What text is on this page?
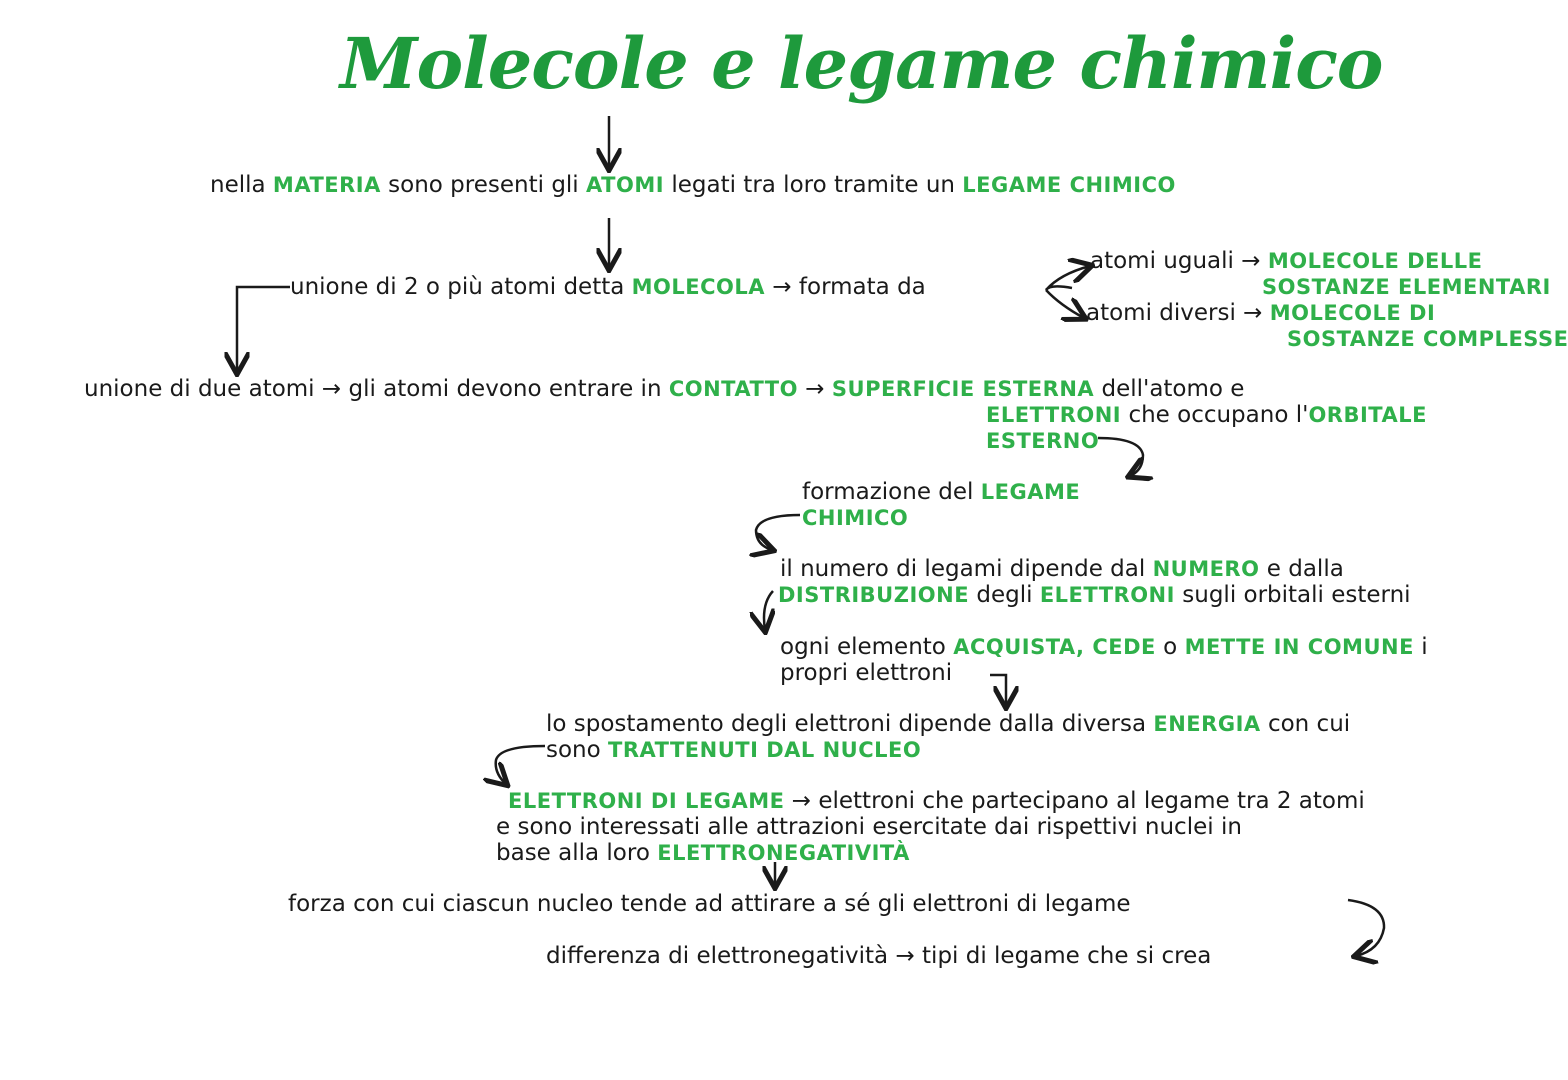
Molecole e legame chimico
nella MATERIA sono presenti gli ATOMI legati tra loro tramite un LEGAME CHIMICO
unione di 2 o più atomi detta MOLECOLA → formata da
atomi uguali → MOLECOLE DELLE
SOSTANZE ELEMENTARI
atomi diversi → MOLECOLE DI
SOSTANZE COMPLESSE
unione di due atomi → gli atomi devono entrare in CONTATTO → SUPERFICIE ESTERNA dell'atomo e
ELETTRONI che occupano l'ORBITALE
ESTERNO
formazione del LEGAME
CHIMICO
il numero di legami dipende dal NUMERO e dalla
DISTRIBUZIONE degli ELETTRONI sugli orbitali esterni
ogni elemento ACQUISTA, CEDE o METTE IN COMUNE i
propri elettroni
lo spostamento degli elettroni dipende dalla diversa ENERGIA con cui
sono TRATTENUTI DAL NUCLEO
ELETTRONI DI LEGAME → elettroni che partecipano al legame tra 2 atomi
e sono interessati alle attrazioni esercitate dai rispettivi nuclei in
base alla loro ELETTRONEGATIVITÀ
forza con cui ciascun nucleo tende ad attirare a sé gli elettroni di legame
differenza di elettronegatività → tipi di legame che si crea
